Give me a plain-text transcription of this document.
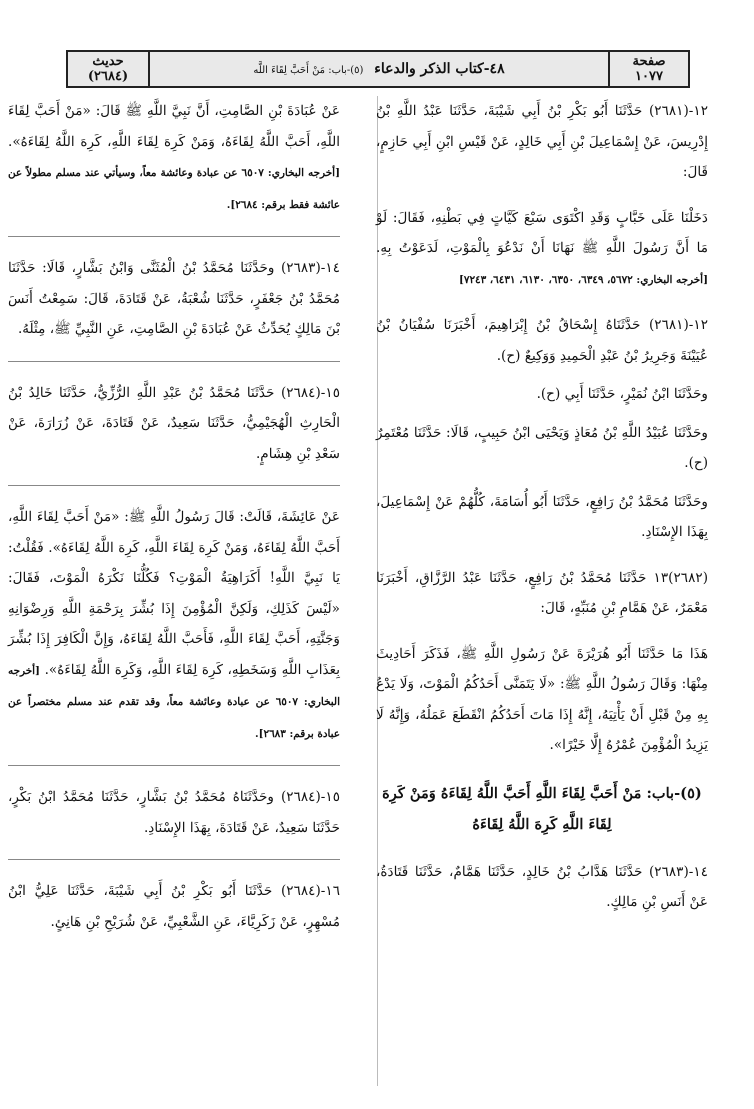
صفحة
١٠٧٧
٤٨-كتاب الذكر والدعاء (٥)-باب: مَنْ أَحَبَّ لِقَاءَ اللَّه
حديث
(٢٦٨٤)

١٢-(٢٦٨١) حَدَّثَنَا أَبُو بَكْرِ بْنُ أَبِي شَيْبَةَ، حَدَّثَنَا عَبْدُ اللَّهِ بْنُ إِدْرِيسَ، عَنْ إِسْمَاعِيلَ بْنِ أَبِي خَالِدٍ، عَنْ قَيْسِ ابْنِ أَبِي حَازِمٍ، قَالَ:

دَخَلْنَا عَلَى خَبَّابٍ وَقَدِ اكْتَوَى سَبْعَ كَيَّاتٍ فِي بَطْنِهِ، فَقَالَ: لَوْ مَا أَنَّ رَسُولَ اللَّهِ ﷺ نَهَانَا أَنْ نَدْعُوَ بِالْمَوْتِ، لَدَعَوْتُ بِهِ. [أخرجه البخاري: ٥٦٧٢، ٦٣٤٩، ٦٣٥٠، ٦١٣٠، ٦٤٣١، ٧٢٤٣]

١٢-(٢٦٨١) حَدَّثَنَاهُ إِسْحَاقُ بْنُ إِبْرَاهِيمَ، أَخْبَرَنَا سُفْيَانُ بْنُ عُيَيْنَةَ وَجَرِيرُ بْنُ عَبْدِ الْحَمِيدِ وَوَكِيعٌ (ح).

وحَدَّثَنَا ابْنُ نُمَيْرٍ، حَدَّثَنَا أَبِي (ح).

وحَدَّثَنَا عُبَيْدُ اللَّهِ بْنُ مُعَاذٍ وَيَحْيَى ابْنُ حَبِيبٍ، قَالَا: حَدَّثَنَا مُعْتَمِرٌ (ح).

وحَدَّثَنَا مُحَمَّدُ بْنُ رَافِعٍ، حَدَّثَنَا أَبُو أُسَامَةَ، كُلُّهُمْ عَنْ إِسْمَاعِيلَ، بِهَذَا الإِسْنَادِ.

(٢٦٨٢)١٣ حَدَّثَنَا مُحَمَّدُ بْنُ رَافِعٍ، حَدَّثَنَا عَبْدُ الرَّزَّاقِ، أَخْبَرَنَا مَعْمَرٌ، عَنْ هَمَّامِ بْنِ مُنَبِّهٍ، قَالَ:

هَذَا مَا حَدَّثَنَا أَبُو هُرَيْرَةَ عَنْ رَسُولِ اللَّهِ ﷺ، فَذَكَرَ أَحَادِيثَ مِنْهَا: وَقَالَ رَسُولُ اللَّهِ ﷺ: «لَا يَتَمَنَّى أَحَدُكُمُ الْمَوْتَ، وَلَا يَدْعُ بِهِ مِنْ قَبْلِ أَنْ يَأْتِيَهُ، إِنَّهُ إِذَا مَاتَ أَحَدُكُمُ انْقَطَعَ عَمَلُهُ، وَإِنَّهُ لَا يَزِيدُ الْمُؤْمِنَ عُمْرُهُ إِلَّا خَيْرًا».

(٥)-باب: مَنْ أَحَبَّ لِقَاءَ اللَّهِ أَحَبَّ اللَّهُ لِقَاءَهُ وَمَنْ كَرِهَ لِقَاءَ اللَّهِ كَرِهَ اللَّهُ لِقَاءَهُ

١٤-(٢٦٨٣) حَدَّثَنَا هَدَّابُ بْنُ خَالِدٍ، حَدَّثَنَا هَمَّامٌ، حَدَّثَنَا قَتَادَةُ، عَنْ أَنَسِ بْنِ مَالِكٍ.

عَنْ عُبَادَةَ بْنِ الصَّامِتِ، أَنَّ نَبِيَّ اللَّهِ ﷺ قَالَ: «مَنْ أَحَبَّ لِقَاءَ اللَّهِ، أَحَبَّ اللَّهُ لِقَاءَهُ، وَمَنْ كَرِهَ لِقَاءَ اللَّهِ، كَرِهَ اللَّهُ لِقَاءَهُ». [أخرجه البخاري: ٦٥٠٧ عن عبادة وعائشة معاً، وسيأتي عند مسلم مطولاً عن عائشة فقط برقم: ٢٦٨٤].

١٤-(٢٦٨٣) وحَدَّثَنَا مُحَمَّدُ بْنُ الْمُثَنَّى وَابْنُ بَشَّارٍ، قَالَا: حَدَّثَنَا مُحَمَّدُ بْنُ جَعْفَرٍ، حَدَّثَنَا شُعْبَةُ، عَنْ قَتَادَةَ، قَالَ: سَمِعْتُ أَنَسَ بْنَ مَالِكٍ يُحَدِّثُ عَنْ عُبَادَةَ بْنِ الصَّامِتِ، عَنِ النَّبِيِّ ﷺ، مِثْلَهُ.

١٥-(٢٦٨٤) حَدَّثَنَا مُحَمَّدُ بْنُ عَبْدِ اللَّهِ الرُّزِّيُّ، حَدَّثَنَا خَالِدُ بْنُ الْحَارِثِ الْهُجَيْمِيُّ، حَدَّثَنَا سَعِيدٌ، عَنْ قَتَادَةَ، عَنْ زُرَارَةَ، عَنْ سَعْدِ بْنِ هِشَامٍ.

عَنْ عَائِشَةَ، قَالَتْ: قَالَ رَسُولُ اللَّهِ ﷺ: «مَنْ أَحَبَّ لِقَاءَ اللَّهِ، أَحَبَّ اللَّهُ لِقَاءَهُ، وَمَنْ كَرِهَ لِقَاءَ اللَّهِ، كَرِهَ اللَّهُ لِقَاءَهُ». فَقُلْتُ: يَا نَبِيَّ اللَّهِ! أَكَرَاهِيَةُ الْمَوْتِ؟ فَكُلُّنَا نَكْرَهُ الْمَوْتَ، فَقَالَ: «لَيْسَ كَذَلِكِ، وَلَكِنَّ الْمُؤْمِنَ إِذَا بُشِّرَ بِرَحْمَةِ اللَّهِ وَرِضْوَانِهِ وَجَنَّتِهِ، أَحَبَّ لِقَاءَ اللَّهِ، فَأَحَبَّ اللَّهُ لِقَاءَهُ، وَإِنَّ الْكَافِرَ إِذَا بُشِّرَ بِعَذَابِ اللَّهِ وَسَخَطِهِ، كَرِهَ لِقَاءَ اللَّهِ، وَكَرِهَ اللَّهُ لِقَاءَهُ». [أخرجه البخاري: ٦٥٠٧ عن عبادة وعائشة معاً، وقد تقدم عند مسلم مختصراً عن عبادة برقم: ٢٦٨٣].

١٥-(٢٦٨٤) وحَدَّثَنَاهُ مُحَمَّدُ بْنُ بَشَّارٍ، حَدَّثَنَا مُحَمَّدُ ابْنُ بَكْرٍ، حَدَّثَنَا سَعِيدٌ، عَنْ قَتَادَةَ، بِهَذَا الإِسْنَادِ.

١٦-(٢٦٨٤) حَدَّثَنَا أَبُو بَكْرِ بْنُ أَبِي شَيْبَةَ، حَدَّثَنَا عَلِيُّ ابْنُ مُسْهِرٍ، عَنْ زَكَرِيَّاءَ، عَنِ الشَّعْبِيِّ، عَنْ شُرَيْحِ بْنِ هَانِئٍ.
